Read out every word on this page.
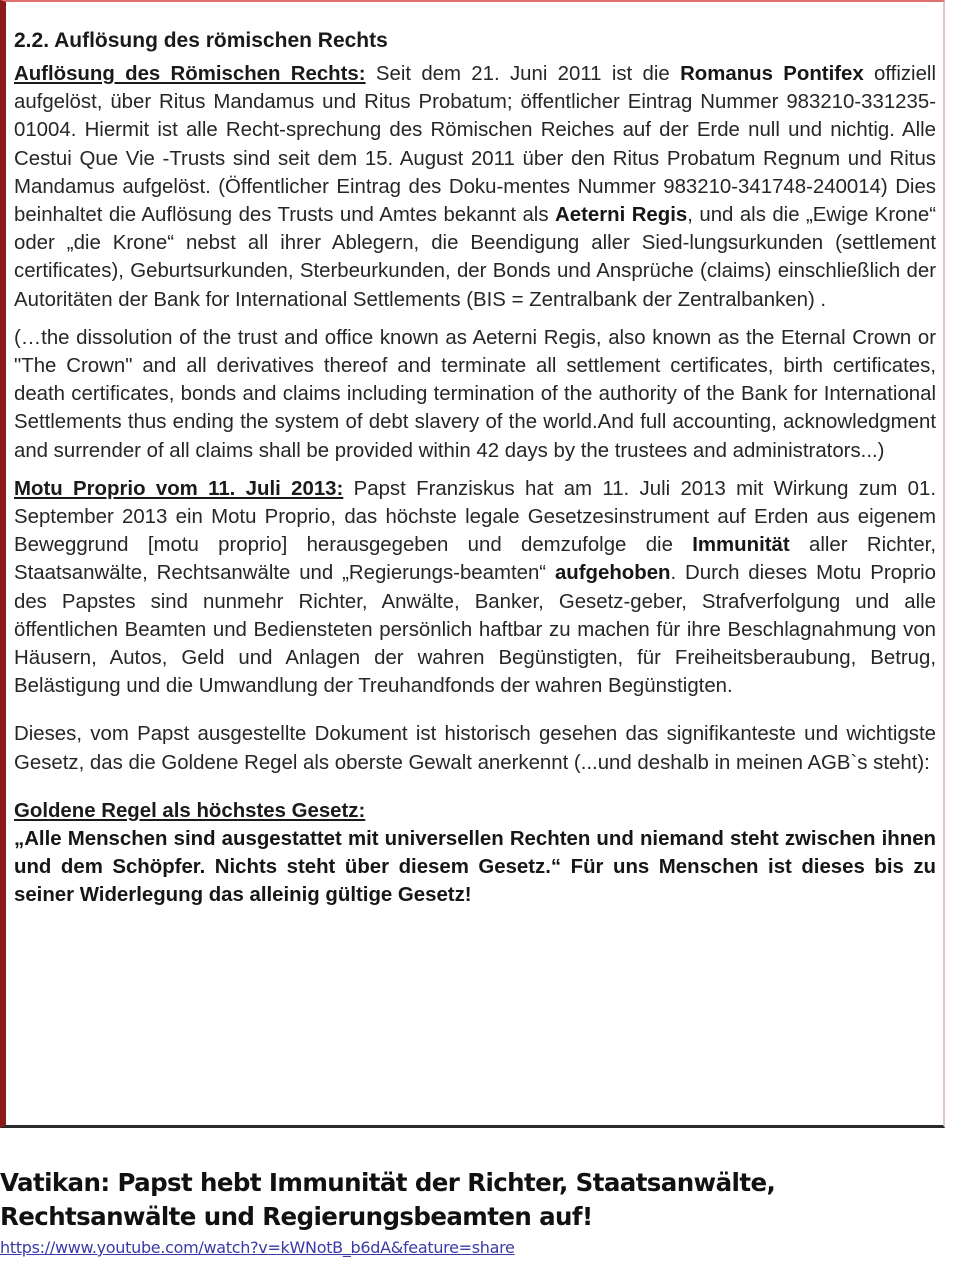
2.2. Auflösung des römischen Rechts

Auflösung des Römischen Rechts: Seit dem 21. Juni 2011 ist die Romanus Pontifex offiziell aufgelöst, über Ritus Mandamus und Ritus Probatum; öffentlicher Eintrag Nummer 983210-331235-01004. Hiermit ist alle Recht-sprechung des Römischen Reiches auf der Erde null und nichtig. Alle Cestui Que Vie -Trusts sind seit dem 15. August 2011 über den Ritus Probatum Regnum und Ritus Mandamus aufgelöst. (Öffentlicher Eintrag des Doku-mentes Nummer 983210-341748-240014) Dies beinhaltet die Auflösung des Trusts und Amtes bekannt als Aeterni Regis, und als die „Ewige Krone“ oder „die Krone“ nebst all ihrer Ablegern, die Beendigung aller Sied-lungsurkunden (settlement certificates), Geburtsurkunden, Sterbeurkunden, der Bonds und Ansprüche (claims) einschließlich der Autoritäten der Bank for International Settlements (BIS = Zentralbank der Zentralbanken) .

(…the dissolution of the trust and office known as Aeterni Regis, also known as the Eternal Crown or "The Crown" and all derivatives thereof and terminate all settlement certificates, birth certificates, death certificates, bonds and claims including termination of the authority of the Bank for International Settlements thus ending the system of debt slavery of the world.And full accounting, acknowledgment and surrender of all claims shall be provided within 42 days by the trustees and administrators...)

Motu Proprio vom 11. Juli 2013: Papst Franziskus hat am 11. Juli 2013 mit Wirkung zum 01. September 2013 ein Motu Proprio, das höchste legale Gesetzesinstrument auf Erden aus eigenem Beweggrund [motu proprio] herausgegeben und demzufolge die Immunität aller Richter, Staatsanwälte, Rechtsanwälte und „Regierungs-beamten“ aufgehoben. Durch dieses Motu Proprio des Papstes sind nunmehr Richter, Anwälte, Banker, Gesetz-geber, Strafverfolgung und alle öffentlichen Beamten und Bediensteten persönlich haftbar zu machen für ihre Beschlagnahmung von Häusern, Autos, Geld und Anlagen der wahren Begünstigten, für Freiheitsberaubung, Betrug, Belästigung und die Umwandlung der Treuhandfonds der wahren Begünstigten.

Dieses, vom Papst ausgestellte Dokument ist historisch gesehen das signifikanteste und wichtigste Gesetz, das die Goldene Regel als oberste Gewalt anerkennt (...und deshalb in meinen AGB`s steht):

Goldene Regel als höchstes Gesetz:
„Alle Menschen sind ausgestattet mit universellen Rechten und niemand steht zwischen ihnen und dem Schöpfer. Nichts steht über diesem Gesetz.“ Für uns Menschen ist dieses bis zu seiner Widerlegung das alleinig gültige Gesetz!

Vatikan: Papst hebt Immunität der Richter, Staatsanwälte, Rechtsanwälte und Regierungsbeamten auf!
https://www.youtube.com/watch?v=kWNotB_b6dA&feature=share
